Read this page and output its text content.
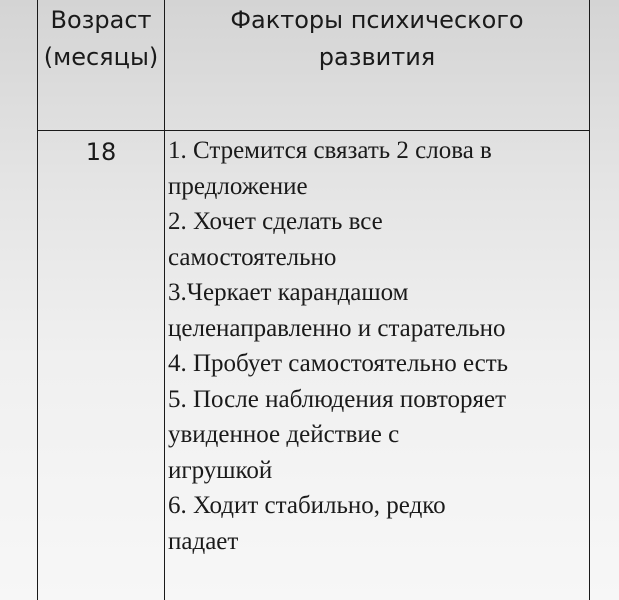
Возраст
(месяцы)
Факторы психического
развития
18	1. Стремится связать 2 слова в
предложение
2. Хочет сделать все
самостоятельно
3.Черкает карандашом
целенаправленно и старательно
4. Пробует самостоятельно есть
5. После наблюдения повторяет
увиденное действие с
игрушкой
6. Ходит стабильно, редко
падает
